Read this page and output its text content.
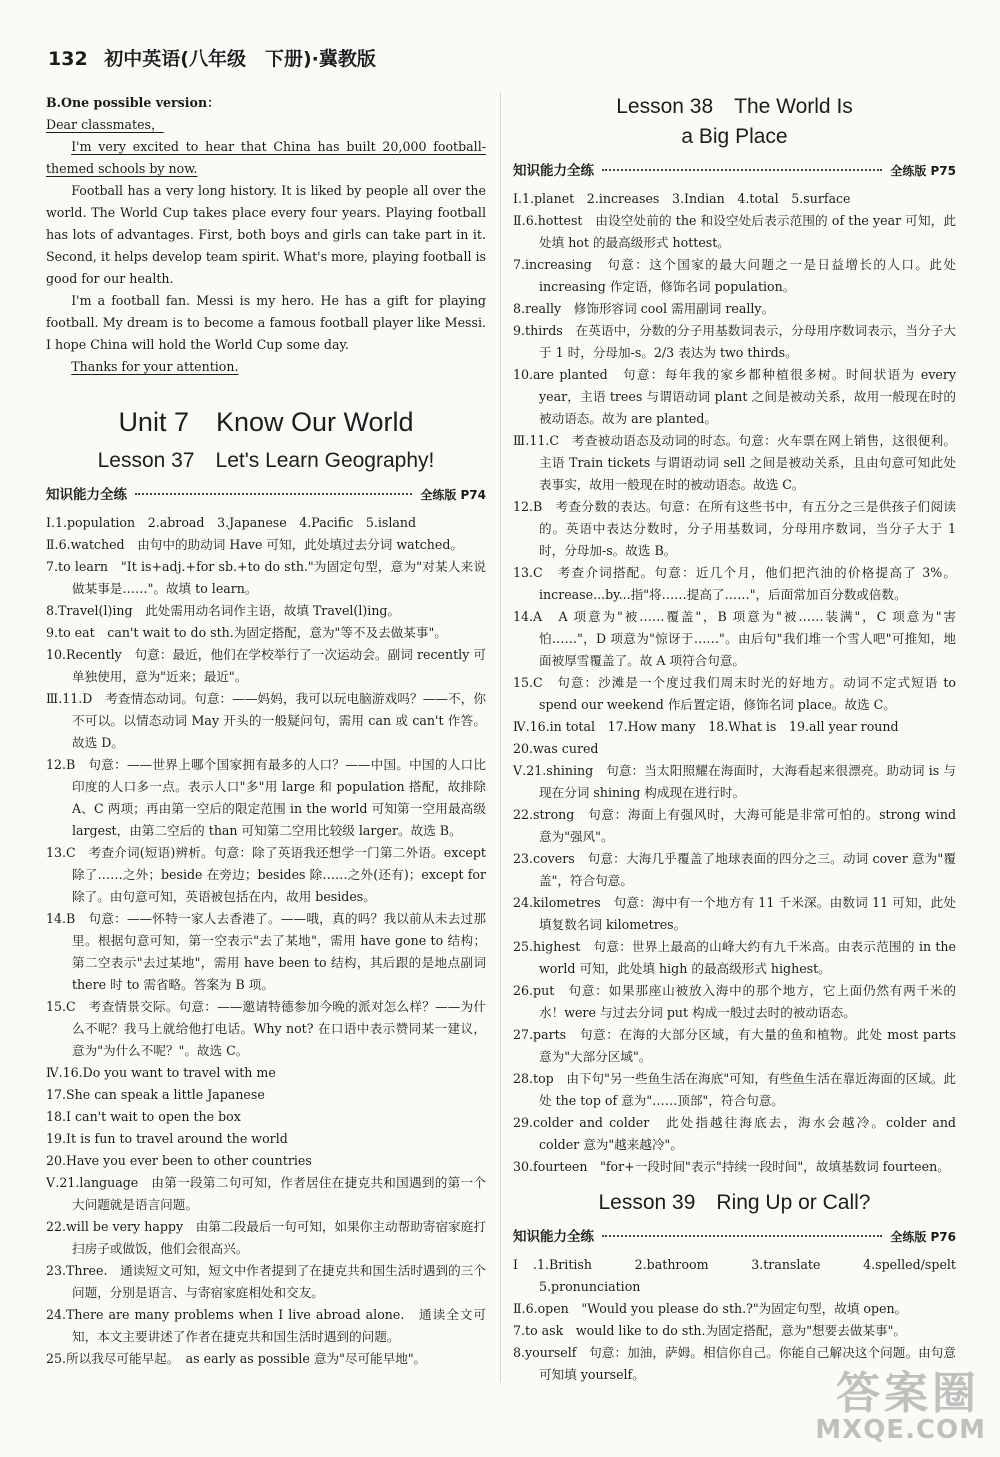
132 初中英语(八年级　下册)·冀教版

B.One possible version：

Dear classmates，

I'm very excited to hear that China has built 20,000 football-themed schools by now.

Football has a very long history. It is liked by people all over the world. The World Cup takes place every four years. Playing football has lots of advantages. First, both boys and girls can take part in it. Second, it helps develop team spirit. What's more, playing football is good for our health.

I'm a football fan. Messi is my hero. He has a gift for playing football. My dream is to become a famous football player like Messi. I hope China will hold the World Cup some day.

Thanks for your attention.

Unit 7　Know Our World
Lesson 37　Let's Learn Geography!
知识能力全练	全练版 P74

Ⅰ.1.population　2.abroad　3.Japanese　4.Pacific　5.island

Ⅱ.6.watched　由句中的助动词 Have 可知，此处填过去分词 watched。

7.to learn　"It is+adj.+for sb.+to do sth."为固定句型，意为"对某人来说做某事是……"。故填 to learn。

8.Travel(l)ing　此处需用动名词作主语，故填 Travel(l)ing。

9.to eat　can't wait to do sth.为固定搭配，意为"等不及去做某事"。

10.Recently　句意：最近，他们在学校举行了一次运动会。副词 recently 可单独使用，意为"近来；最近"。

Ⅲ.11.D　考查情态动词。句意：——妈妈，我可以玩电脑游戏吗？——不，你不可以。以情态动词 May 开头的一般疑问句，需用 can 或 can't 作答。故选 D。

12.B　句意：——世界上哪个国家拥有最多的人口？——中国。中国的人口比印度的人口多一点。表示人口"多"用 large 和 population 搭配，故排除 A、C 两项；再由第一空后的限定范围 in the world 可知第一空用最高级 largest，由第二空后的 than 可知第二空用比较级 larger。故选 B。

13.C　考查介词(短语)辨析。句意：除了英语我还想学一门第二外语。except 除了……之外；beside 在旁边；besides 除……之外(还有)；except for 除了。由句意可知，英语被包括在内，故用 besides。

14.B　句意：——怀特一家人去香港了。——哦，真的吗？我以前从未去过那里。根据句意可知，第一空表示"去了某地"，需用 have gone to 结构；第二空表示"去过某地"，需用 have been to 结构，其后跟的是地点副词 there 时 to 需省略。答案为 B 项。

15.C　考查情景交际。句意：——邀请特德参加今晚的派对怎么样？——为什么不呢？我马上就给他打电话。Why not? 在口语中表示赞同某一建议，意为"为什么不呢？"。故选 C。

Ⅳ.16.Do you want to travel with me

17.She can speak a little Japanese

18.I can't wait to open the box

19.It is fun to travel around the world

20.Have you ever been to other countries

Ⅴ.21.language　由第一段第二句可知，作者居住在捷克共和国遇到的第一个大问题就是语言问题。

22.will be very happy　由第二段最后一句可知，如果你主动帮助寄宿家庭打扫房子或做饭，他们会很高兴。

23.Three.　通读短文可知，短文中作者提到了在捷克共和国生活时遇到的三个问题，分别是语言、与寄宿家庭相处和交友。

24.There are many problems when I live abroad alone.　通读全文可知，本文主要讲述了作者在捷克共和国生活时遇到的问题。

25.所以我尽可能早起。　as early as possible 意为"尽可能早地"。

Lesson 38　The World Is
a Big Place
知识能力全练	全练版 P75

Ⅰ.1.planet　2.increases　3.Indian　4.total　5.surface

Ⅱ.6.hottest　由设空处前的 the 和设空处后表示范围的 of the year 可知，此处填 hot 的最高级形式 hottest。

7.increasing　句意：这个国家的最大问题之一是日益增长的人口。此处 increasing 作定语，修饰名词 population。

8.really　修饰形容词 cool 需用副词 really。

9.thirds　在英语中，分数的分子用基数词表示，分母用序数词表示，当分子大于 1 时，分母加-s。2/3 表达为 two thirds。

10.are planted　句意：每年我的家乡都种植很多树。时间状语为 every year，主语 trees 与谓语动词 plant 之间是被动关系，故用一般现在时的被动语态。故为 are planted。

Ⅲ.11.C　考查被动语态及动词的时态。句意：火车票在网上销售，这很便利。主语 Train tickets 与谓语动词 sell 之间是被动关系，且由句意可知此处表事实，故用一般现在时的被动语态。故选 C。

12.B　考查分数的表达。句意：在所有这些书中，有五分之三是供孩子们阅读的。英语中表达分数时，分子用基数词，分母用序数词，当分子大于 1 时，分母加-s。故选 B。

13.C　考查介词搭配。句意：近几个月，他们把汽油的价格提高了 3%。increase...by...指"将……提高了……"，后面常加百分数或倍数。

14.A　A 项意为"被……覆盖"，B 项意为"被……装满"，C 项意为"害怕……"，D 项意为"惊讶于……"。由后句"我们堆一个雪人吧"可推知，地面被厚雪覆盖了。故 A 项符合句意。

15.C　句意：沙滩是一个度过我们周末时光的好地方。动词不定式短语 to spend our weekend 作后置定语，修饰名词 place。故选 C。

Ⅳ.16.in total　17.How many　18.What is　19.all year round

20.was cured

Ⅴ.21.shining　句意：当太阳照耀在海面时，大海看起来很漂亮。助动词 is 与现在分词 shining 构成现在进行时。

22.strong　句意：海面上有强风时，大海可能是非常可怕的。strong wind 意为"强风"。

23.covers　句意：大海几乎覆盖了地球表面的四分之三。动词 cover 意为"覆盖"，符合句意。

24.kilometres　句意：海中有一个地方有 11 千米深。由数词 11 可知，此处填复数名词 kilometres。

25.highest　句意：世界上最高的山峰大约有九千米高。由表示范围的 in the world 可知，此处填 high 的最高级形式 highest。

26.put　句意：如果那座山被放入海中的那个地方，它上面仍然有两千米的水！were 与过去分词 put 构成一般过去时的被动语态。

27.parts　句意：在海的大部分区域，有大量的鱼和植物。此处 most parts 意为"大部分区域"。

28.top　由下句"另一些鱼生活在海底"可知，有些鱼生活在靠近海面的区域。此处 the top of 意为"……顶部"，符合句意。

29.colder and colder　此处指越往海底去，海水会越冷。colder and colder 意为"越来越冷"。

30.fourteen　"for+一段时间"表示"持续一段时间"，故填基数词 fourteen。

Lesson 39　Ring Up or Call?
知识能力全练	全练版 P76

Ⅰ.1.British　2.bathroom　3.translate　4.spelled/spelt　5.pronunciation

Ⅱ.6.open　"Would you please do sth.?"为固定句型，故填 open。

7.to ask　would like to do sth.为固定搭配，意为"想要去做某事"。

8.yourself　句意：加油，萨姆。相信你自己。你能自己解决这个问题。由句意可知填 yourself。	答案圈
MXQE.COM
